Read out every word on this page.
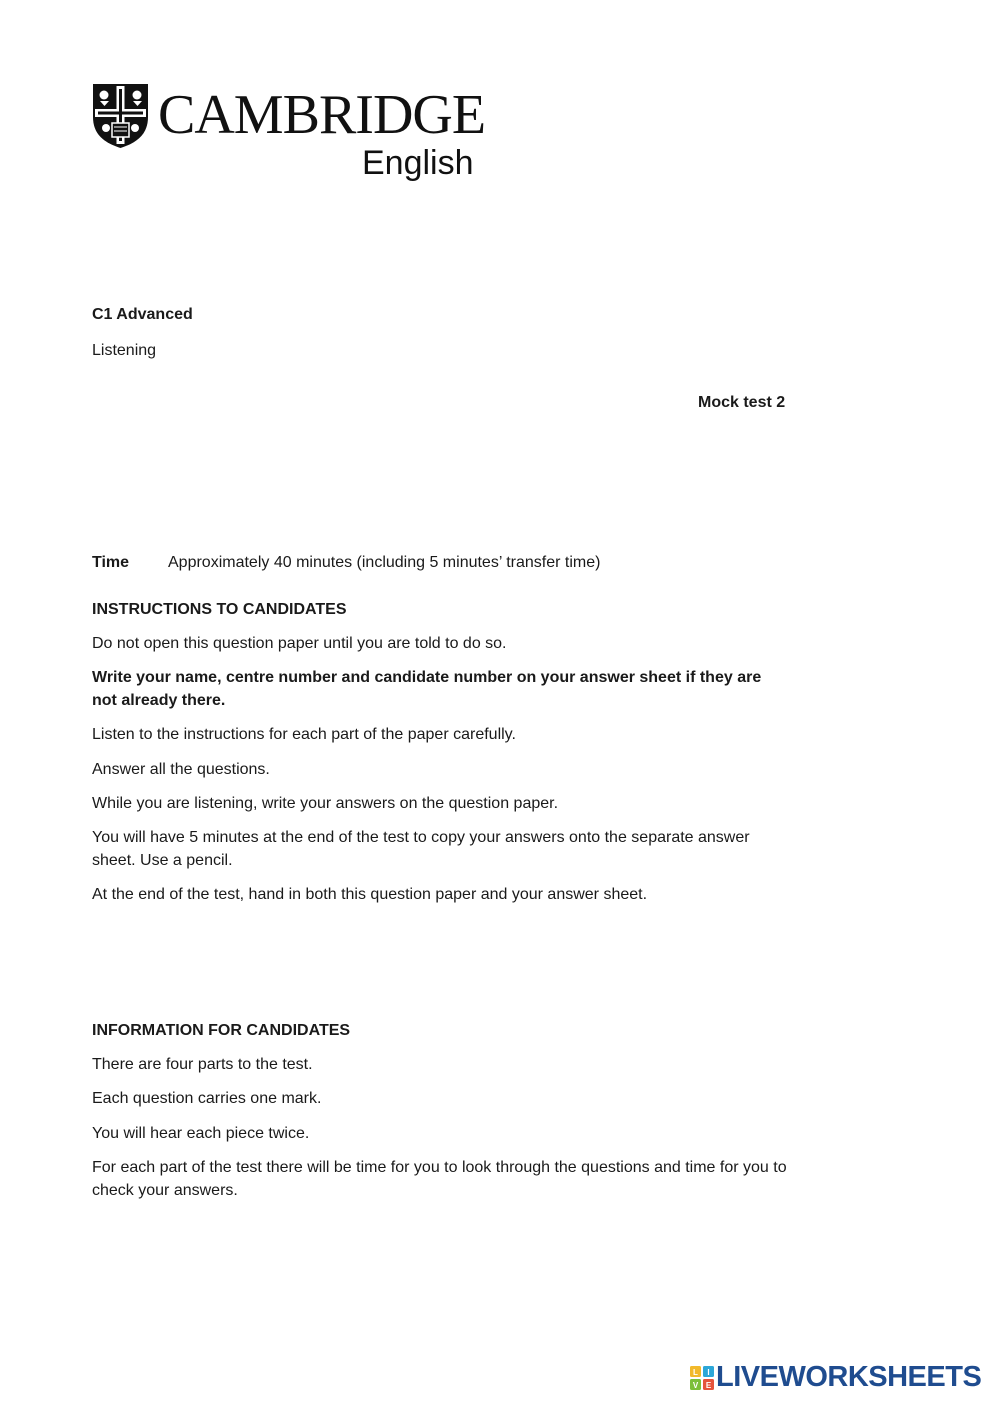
CAMBRIDGE
English
C1 Advanced
Listening
Mock test 2
Time Approximately 40 minutes (including 5 minutes’ transfer time)
INSTRUCTIONS TO CANDIDATES
Do not open this question paper until you are told to do so.
Write your name, centre number and candidate number on your answer sheet if they are not already there.
Listen to the instructions for each part of the paper carefully.
Answer all the questions.
While you are listening, write your answers on the question paper.
You will have 5 minutes at the end of the test to copy your answers onto the separate answer sheet. Use a pencil.
At the end of the test, hand in both this question paper and your answer sheet.
INFORMATION FOR CANDIDATES
There are four parts to the test.
Each question carries one mark.
You will hear each piece twice.
For each part of the test there will be time for you to look through the questions and time for you to check your answers.
L I
V E LIVEWORKSHEETS
